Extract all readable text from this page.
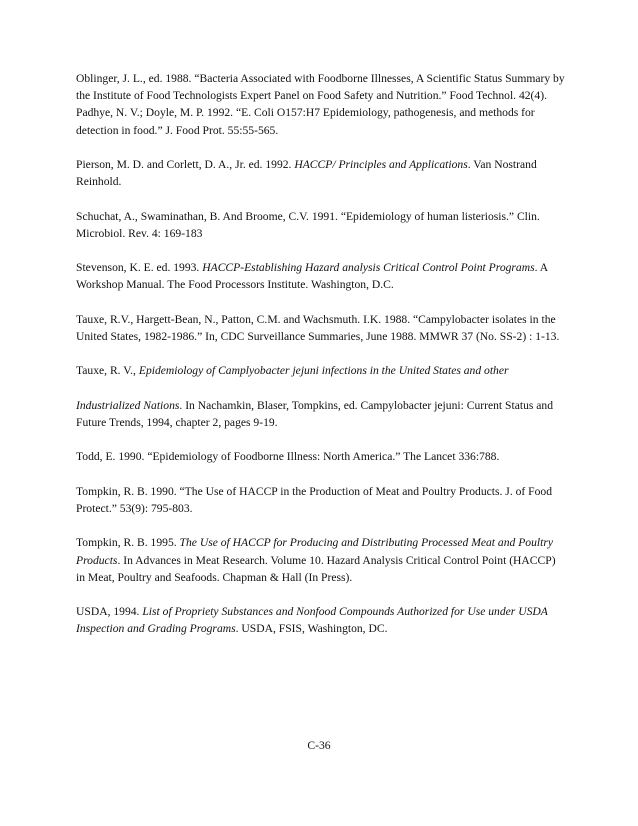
Oblinger, J. L., ed. 1988. “Bacteria Associated with Foodborne Illnesses, A Scientific Status Summary by the Institute of Food Technologists Expert Panel on Food Safety and Nutrition.” Food Technol. 42(4). Padhye, N. V.; Doyle, M. P. 1992. “E. Coli O157:H7 Epidemiology, pathogenesis, and methods for detection in food.” J. Food Prot. 55:55-565.

Pierson, M. D. and Corlett, D. A., Jr. ed. 1992. HACCP/ Principles and Applications. Van Nostrand Reinhold.

Schuchat, A., Swaminathan, B. And Broome, C.V. 1991. “Epidemiology of human listeriosis.” Clin. Microbiol. Rev. 4: 169-183

Stevenson, K. E. ed. 1993. HACCP-Establishing Hazard analysis Critical Control Point Programs. A Workshop Manual. The Food Processors Institute. Washington, D.C.

Tauxe, R.V., Hargett-Bean, N., Patton, C.M. and Wachsmuth. I.K. 1988. “Campylobacter isolates in the United States, 1982-1986.” In, CDC Surveillance Summaries, June 1988. MMWR 37 (No. SS-2) : 1-13.

Tauxe, R. V., Epidemiology of Camplyobacter jejuni infections in the United States and other

Industrialized Nations. In Nachamkin, Blaser, Tompkins, ed. Campylobacter jejuni: Current Status and Future Trends, 1994, chapter 2, pages 9-19.

Todd, E. 1990. “Epidemiology of Foodborne Illness: North America.” The Lancet 336:788.

Tompkin, R. B. 1990. “The Use of HACCP in the Production of Meat and Poultry Products. J. of Food Protect.” 53(9): 795-803.

Tompkin, R. B. 1995. The Use of HACCP for Producing and Distributing Processed Meat and Poultry Products. In Advances in Meat Research. Volume 10. Hazard Analysis Critical Control Point (HACCP) in Meat, Poultry and Seafoods. Chapman & Hall (In Press).

USDA, 1994. List of Propriety Substances and Nonfood Compounds Authorized for Use under USDA Inspection and Grading Programs. USDA, FSIS, Washington, DC.

C-36
